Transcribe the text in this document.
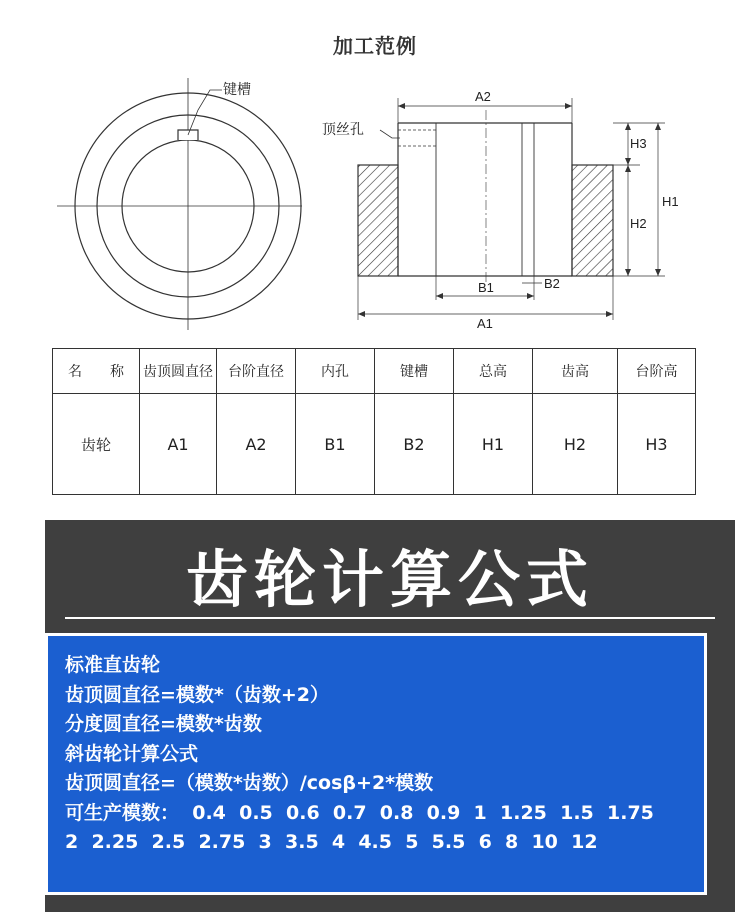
加工范例
键槽
顶丝孔
A2
A1
B1	B2
H3
H2
H1
名 称	齿顶圆直径	台阶直径	内孔	键槽	总高	齿高	台阶高
齿轮	A1	A2	B1	B2	H1	H2	H3
齿轮计算公式
标准直齿轮
齿顶圆直径=模数*（齿数+2）
分度圆直径=模数*齿数
斜齿轮计算公式
齿顶圆直径=（模数*齿数）/cosβ+2*模数
可生产模数：  0.4  0.5  0.6  0.7  0.8  0.9  1  1.25  1.5  1.75
2  2.25  2.5  2.75  3  3.5  4  4.5  5  5.5  6  8  10  12
